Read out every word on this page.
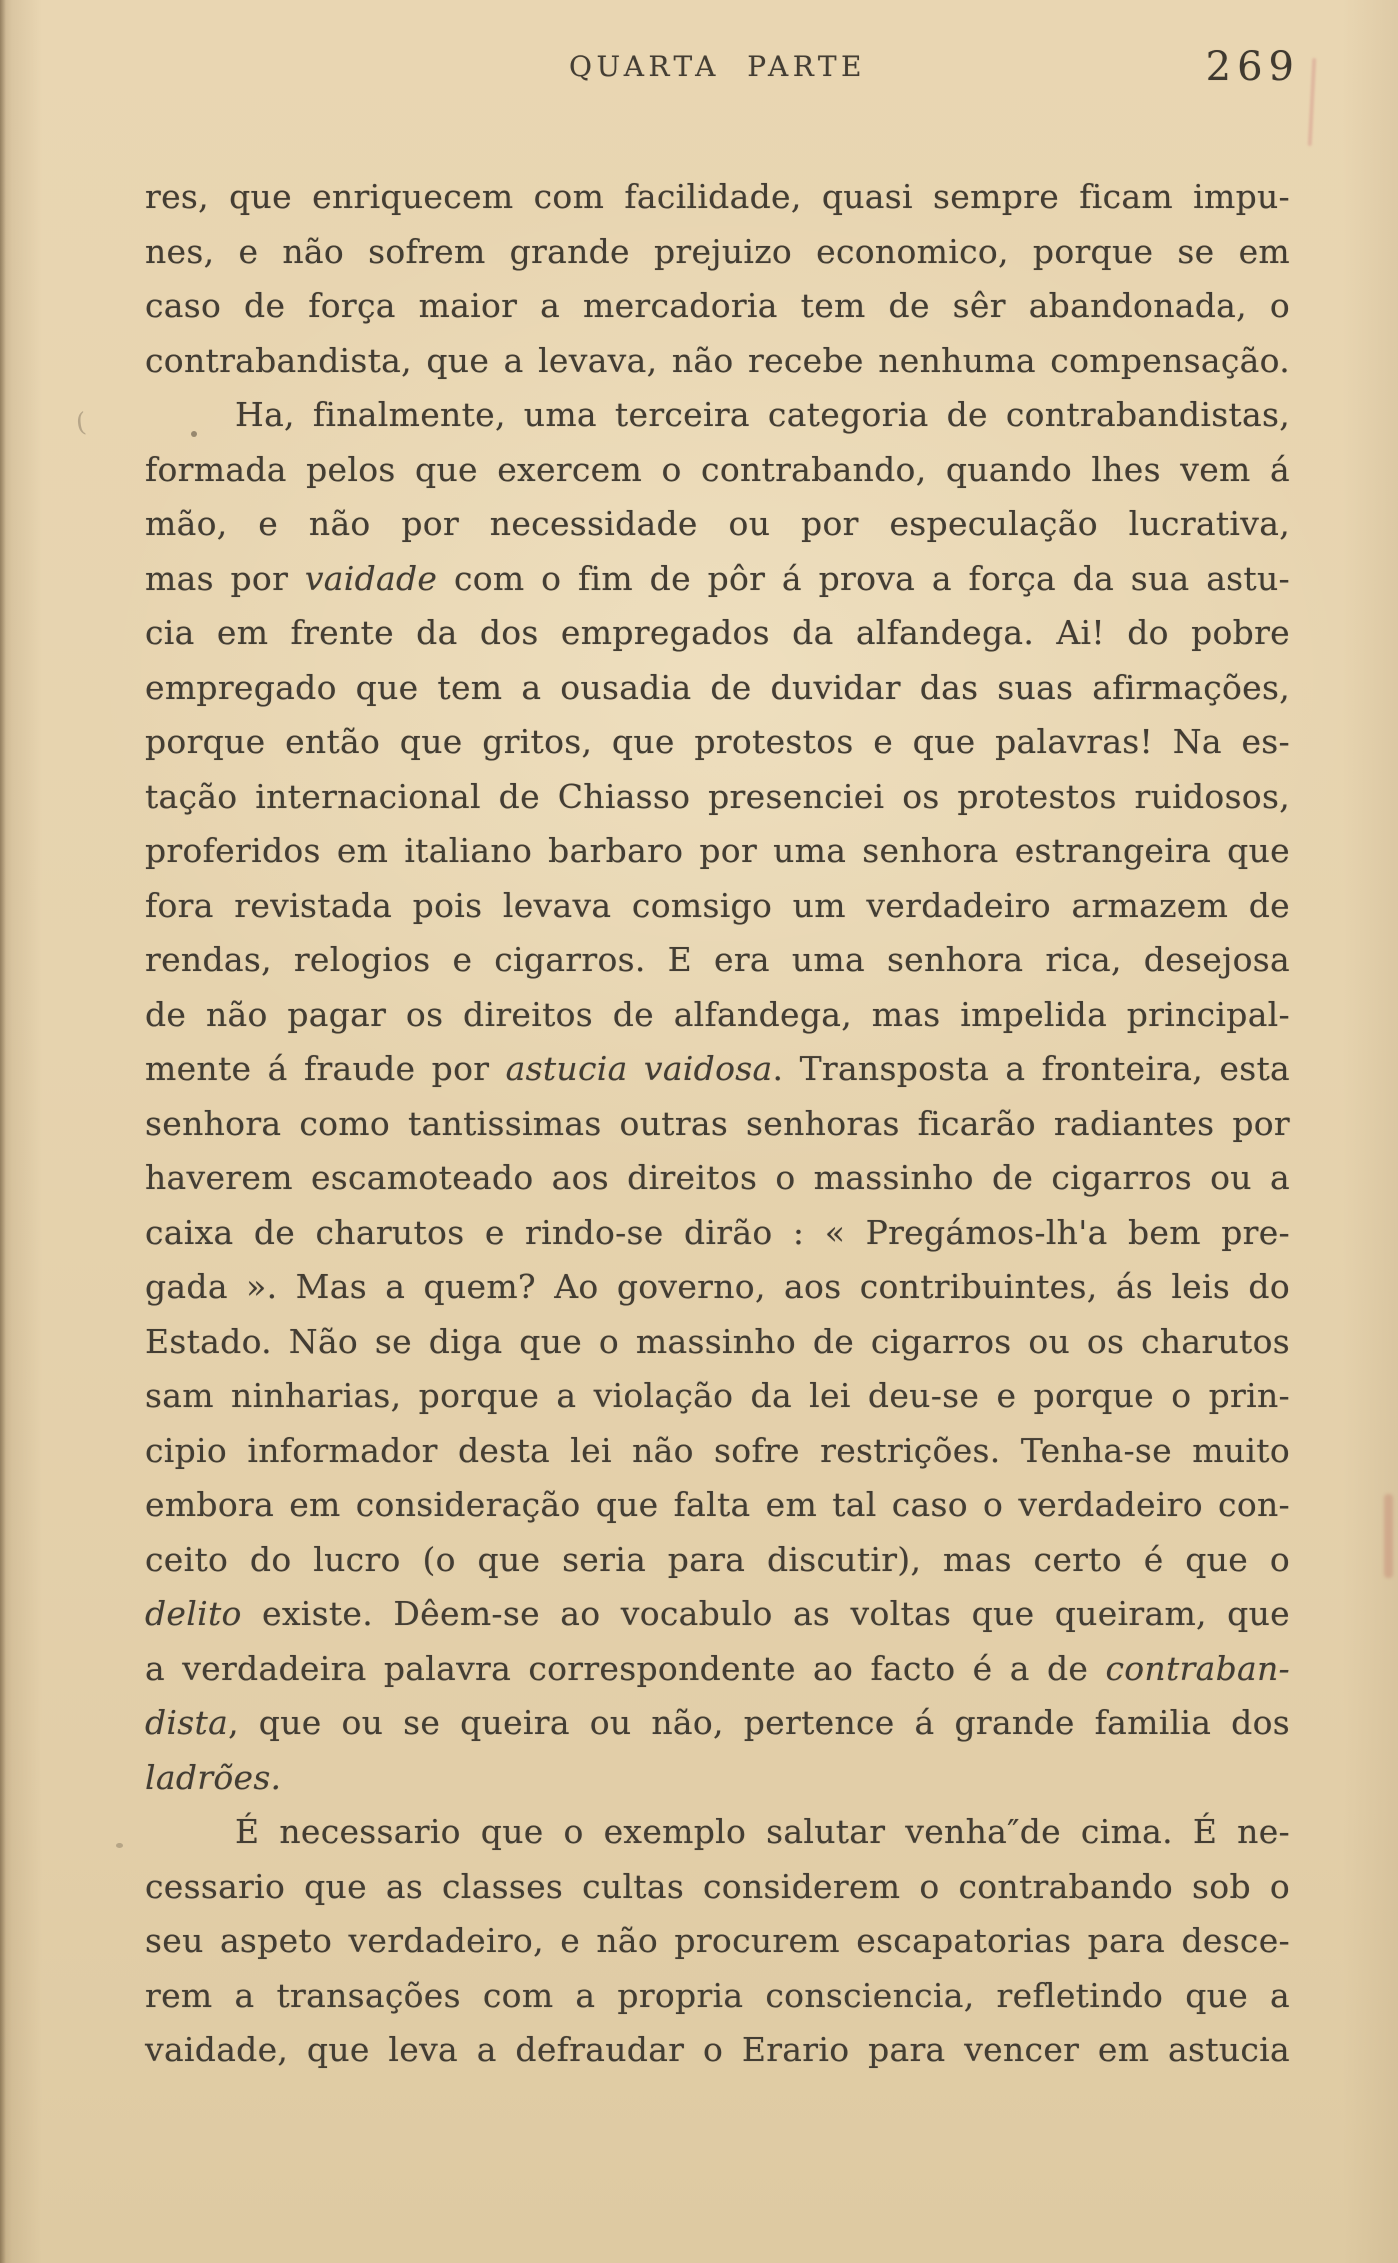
QUARTA PARTE	269
res, que enriquecem com facilidade, quasi sempre ficam impu-
nes, e não sofrem grande prejuizo economico, porque se em
caso de força maior a mercadoria tem de sêr abandonada, o
contrabandista, que a levava, não recebe nenhuma compensação.
Ha, finalmente, uma terceira categoria de contrabandistas,
formada pelos que exercem o contrabando, quando lhes vem á
mão, e não por necessidade ou por especulação lucrativa,
mas por vaidade com o fim de pôr á prova a força da sua astu-
cia em frente da dos empregados da alfandega. Ai! do pobre
empregado que tem a ousadia de duvidar das suas afirmações,
porque então que gritos, que protestos e que palavras! Na es-
tação internacional de Chiasso presenciei os protestos ruidosos,
proferidos em italiano barbaro por uma senhora estrangeira que
fora revistada pois levava comsigo um verdadeiro armazem de
rendas, relogios e cigarros. E era uma senhora rica, desejosa
de não pagar os direitos de alfandega, mas impelida principal-
mente á fraude por astucia vaidosa. Transposta a fronteira, esta
senhora como tantissimas outras senhoras ficarão radiantes por
haverem escamoteado aos direitos o massinho de cigarros ou a
caixa de charutos e rindo-se dirão : « Pregámos-lh'a bem pre-
gada ». Mas a quem? Ao governo, aos contribuintes, ás leis do
Estado. Não se diga que o massinho de cigarros ou os charutos
sam ninharias, porque a violação da lei deu-se e porque o prin-
cipio informador desta lei não sofre restrições. Tenha-se muito
embora em consideração que falta em tal caso o verdadeiro con-
ceito do lucro (o que seria para discutir), mas certo é que o
delito existe. Dêem-se ao vocabulo as voltas que queiram, que
a verdadeira palavra correspondente ao facto é a de contraban-
dista, que ou se queira ou não, pertence á grande familia dos
ladrões.
É necessario que o exemplo salutar venha″de cima. É ne-
cessario que as classes cultas considerem o contrabando sob o
seu aspeto verdadeiro, e não procurem escapatorias para desce-
rem a transações com a propria consciencia, refletindo que a
vaidade, que leva a defraudar o Erario para vencer em astucia
(
